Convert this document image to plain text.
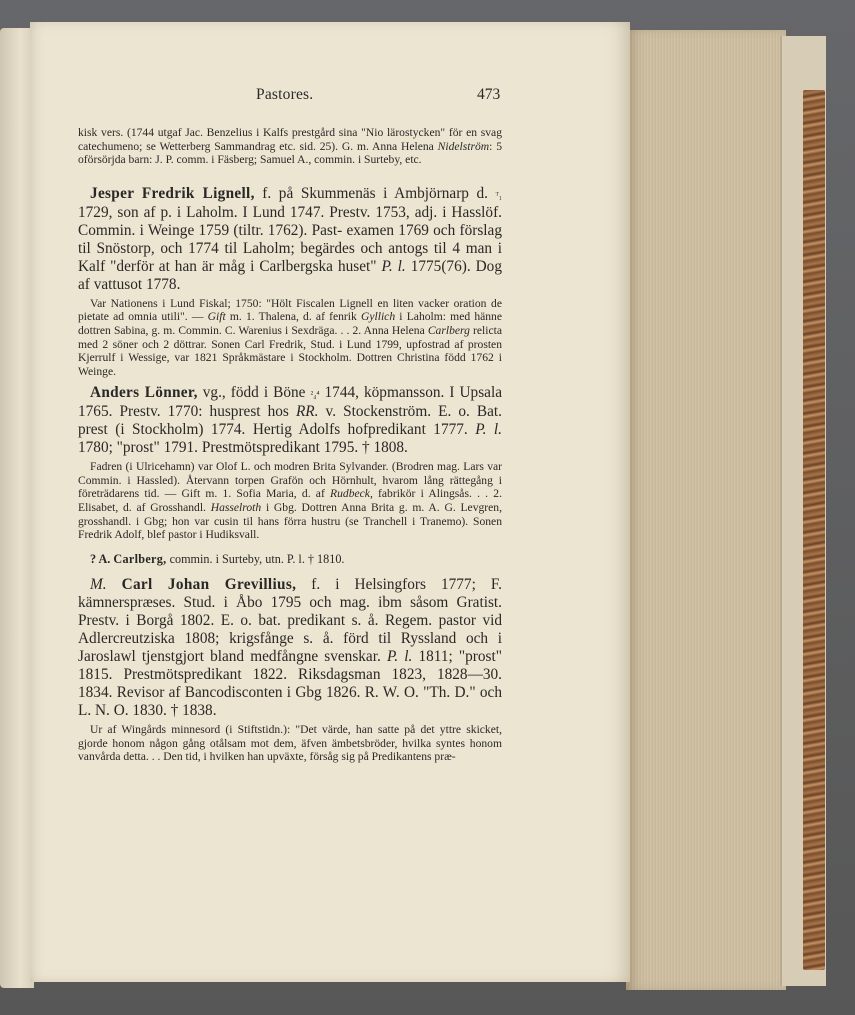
Pastores.	473

kisk vers. (1744 utgaf Jac. Benzelius i Kalfs prestgård sina "Nio lärostycken" för en svag catechumeno; se Wetterberg Sammandrag etc. sid. 25). G. m. Anna Helena Nidelström: 5 oförsörjda barn: J. P. comm. i Fäsberg; Samuel A., commin. i Surteby, etc.

Jesper Fredrik Lignell, f. på Skummenäs i Ambjörnarp d. ᵀ₁ 1729, son af p. i Laholm. I Lund 1747. Prestv. 1753, adj. i Hasslöf. Commin. i Weinge 1759 (tiltr. 1762). Past- examen 1769 och förslag til Snöstorp, och 1774 til Laholm; begärdes och antogs til 4 man i Kalf "derför at han är måg i Carlbergska huset" P. l. 1775(76). Dog af vattusot 1778.

Var Nationens i Lund Fiskal; 1750: "Hölt Fiscalen Lignell en liten vacker oration de pietate ad omnia utili". — Gift m. 1. Thalena, d. af fenrik Gyllich i Laholm: med hänne dottren Sabina, g. m. Commin. C. Warenius i Sexdräga. . . 2. Anna Helena Carlberg relicta med 2 söner och 2 döttrar. Sonen Carl Fredrik, Stud. i Lund 1799, upfostrad af prosten Kjerrulf i Wessige, var 1821 Språkmästare i Stockholm. Dottren Christina född 1762 i Weinge.

Anders Lönner, vg., född i Böne ²₄⁴ 1744, köpmansson. I Upsala 1765. Prestv. 1770: husprest hos RR. v. Stockenström. E. o. Bat. prest (i Stockholm) 1774. Hertig Adolfs hofpredikant 1777. P. l. 1780; "prost" 1791. Prestmötspredikant 1795. † 1808.

Fadren (i Ulricehamn) var Olof L. och modren Brita Sylvander. (Brodren mag. Lars var Commin. i Hassled). Återvann torpen Grafön och Hörnhult, hvarom lång rättegång i företrädarens tid. — Gift m. 1. Sofia Maria, d. af Rudbeck, fabrikör i Alingsås. . . 2. Elisabet, d. af Grosshandl. Hasselroth i Gbg. Dottren Anna Brita g. m. A. G. Levgren, grosshandl. i Gbg; hon var cusin til hans förra hustru (se Tranchell i Tranemo). Sonen Fredrik Adolf, blef pastor i Hudiksvall.

? A. Carlberg, commin. i Surteby, utn. P. l. † 1810.

M. Carl Johan Grevillius, f. i Helsingfors 1777; F. kämnerspræses. Stud. i Åbo 1795 och mag. ibm såsom Gratist. Prestv. i Borgå 1802. E. o. bat. predikant s. å. Regem. pastor vid Adlercreutziska 1808; krigsfånge s. å. förd til Ryssland och i Jaroslawl tjenstgjort bland medfångne svenskar. P. l. 1811; "prost" 1815. Prestmötspredikant 1822. Riksdagsman 1823, 1828—30. 1834. Revisor af Bancodisconten i Gbg 1826. R. W. O. "Th. D." och L. N. O. 1830. † 1838.

Ur af Wingårds minnesord (i Stiftstidn.): "Det värde, han satte på det yttre skicket, gjorde honom någon gång otålsam mot dem, äfven ämbetsbröder, hvilka syntes honom vanvårda detta. . . Den tid, i hvilken han upväxte, försåg sig på Predikantens præ-
